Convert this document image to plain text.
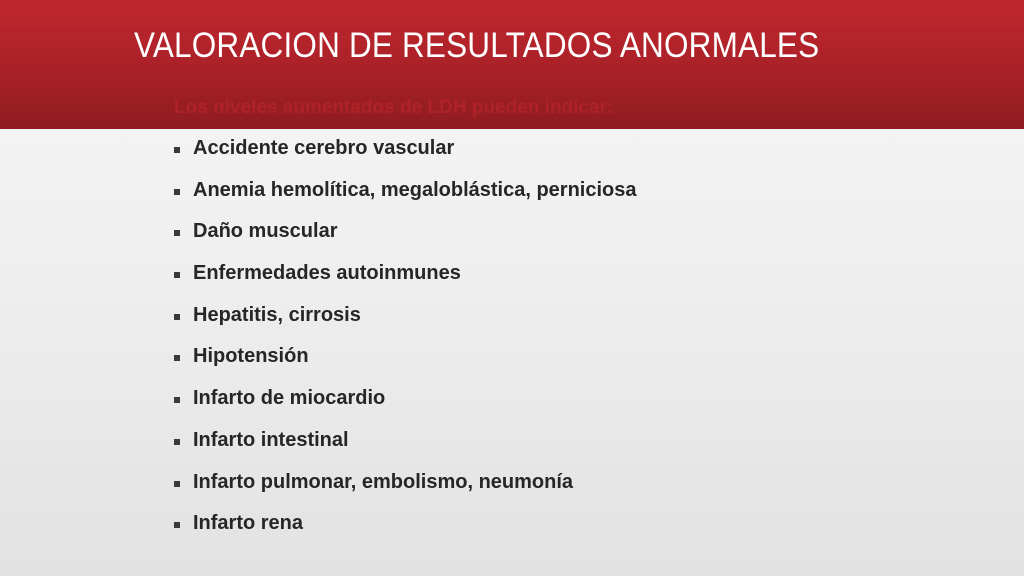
VALORACION DE RESULTADOS ANORMALES

Los niveles aumentados de LDH pueden indicar:

Accidente cerebro vascular
Anemia hemolítica, megaloblástica, perniciosa
Daño muscular
Enfermedades autoinmunes
Hepatitis, cirrosis
Hipotensión
Infarto de miocardio
Infarto intestinal
Infarto pulmonar, embolismo, neumonía
Infarto rena
